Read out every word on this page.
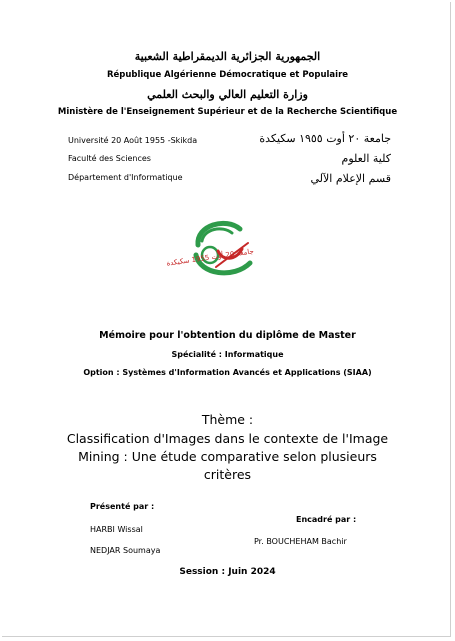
الجمهورية الجزائرية الديمقراطية الشعبية
République Algérienne Démocratique et Populaire
وزارة التعليم العالي والبحث العلمي
Ministère de l'Enseignement Supérieur et de la Recherche Scientifique
Université 20 Août 1955 -Skikda
Faculté des Sciences
Département d'Informatique
جامعة ٢٠ أوت ١٩٥٥ سكيكدة
كلية العلوم
قسم الإعلام الآلي
جامعة 20 أوت 1955 سكيكدة
Mémoire pour l'obtention du diplôme de Master
Spécialité : Informatique
Option : Systèmes d'Information Avancés et Applications (SIAA)
Thème :
Classification d'Images dans le contexte de l'Image
Mining : Une étude comparative selon plusieurs
critères
Présenté par :
HARBI Wissal
NEDJAR Soumaya
Encadré par :
Pr. BOUCHEHAM Bachir
Session : Juin 2024
